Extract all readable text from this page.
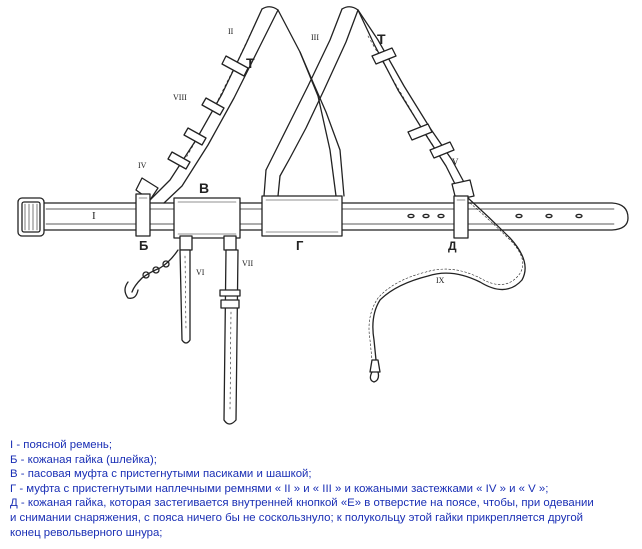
I
II
III
IV	V
VI
VII
VIII
IX
В
Б	Г	Д
Т
Т
I - поясной ремень;
Б - кожаная гайка (шлейка);
В - пасовая муфта с пристегнутыми пасиками и шашкой;
Г - муфта с пристегнутыми наплечными ремнями « II » и « III » и кожаными застежками « IV » и « V »;
Д - кожаная гайка, которая застегивается внутренней кнопкой «Е» в отверстие на поясе, чтобы, при одевании
и снимании снаряжения, с пояса ничего бы не соскользнуло; к полукольцу этой гайки прикрепляется другой
конец револьверного шнура;
